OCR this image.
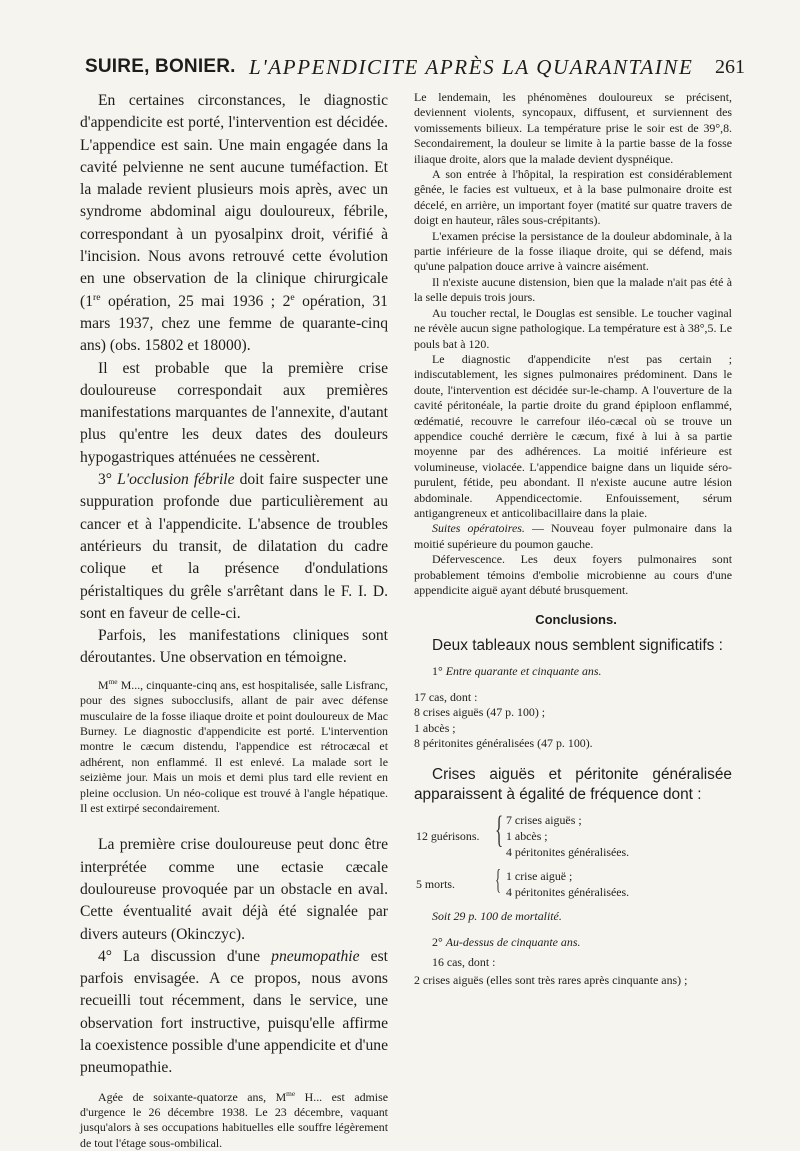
SUIRE, BONIER. L'APPENDICITE APRÈS LA QUARANTAINE 261

En certaines circonstances, le diagnostic d'appendicite est porté, l'intervention est décidée. L'appendice est sain. Une main engagée dans la cavité pelvienne ne sent aucune tuméfaction. Et la malade revient plusieurs mois après, avec un syndrome abdominal aigu douloureux, fébrile, correspondant à un pyosalpinx droit, vérifié à l'incision. Nous avons retrouvé cette évolution en une observation de la clinique chirurgicale (1re opération, 25 mai 1936 ; 2e opération, 31 mars 1937, chez une femme de quarante-cinq ans) (obs. 15802 et 18000).

Il est probable que la première crise douloureuse correspondait aux premières manifestations marquantes de l'annexite, d'autant plus qu'entre les deux dates des douleurs hypogastriques atténuées ne cessèrent.

3° L'occlusion fébrile doit faire suspecter une suppuration profonde due particulièrement au cancer et à l'appendicite. L'absence de troubles antérieurs du transit, de dilatation du cadre colique et la présence d'ondulations péristaltiques du grêle s'arrêtant dans le F. I. D. sont en faveur de celle-ci.

Parfois, les manifestations cliniques sont déroutantes. Une observation en témoigne.

$M^{me}$ M..., cinquante-cinq ans, est hospitalisée, salle Lisfranc, pour des signes subocclusifs, allant de pair avec défense musculaire de la fosse iliaque droite et point douloureux de Mac Burney. Le diagnostic d'appendicite est porté. L'intervention montre le cæcum distendu, l'appendice est rétrocæcal et adhérent, non enflammé. Il est enlevé. La malade sort le seizième jour. Mais un mois et demi plus tard elle revient en pleine occlusion. Un néo-colique est trouvé à l'angle hépatique. Il est extirpé secondairement.

La première crise douloureuse peut donc être interprétée comme une ectasie cæcale douloureuse provoquée par un obstacle en aval. Cette éventualité avait déjà été signalée par divers auteurs (Okinczyc).

4° La discussion d'une pneumopathie est parfois envisagée. A ce propos, nous avons recueilli tout récemment, dans le service, une observation fort instructive, puisqu'elle affirme la coexistence possible d'une appendicite et d'une pneumopathie.

Agée de soixante-quatorze ans, $M^{me}$ H... est admise d'urgence le 26 décembre 1938. Le 23 décembre, vaquant jusqu'alors à ses occupations habituelles elle souffre légèrement de tout l'étage sous-ombilical.

Le lendemain, les phénomènes douloureux se précisent, deviennent violents, syncopaux, diffusent, et surviennent des vomissements bilieux. La température prise le soir est de 39°,8. Secondairement, la douleur se limite à la partie basse de la fosse iliaque droite, alors que la malade devient dyspnéique.

A son entrée à l'hôpital, la respiration est considérablement gênée, le facies est vultueux, et à la base pulmonaire droite est décelé, en arrière, un important foyer (matité sur quatre travers de doigt en hauteur, râles sous-crépitants).

L'examen précise la persistance de la douleur abdominale, à la partie inférieure de la fosse iliaque droite, qui se défend, mais qu'une palpation douce arrive à vaincre aisément.

Il n'existe aucune distension, bien que la malade n'ait pas été à la selle depuis trois jours.

Au toucher rectal, le Douglas est sensible. Le toucher vaginal ne révèle aucun signe pathologique. La température est à 38°,5. Le pouls bat à 120.

Le diagnostic d'appendicite n'est pas certain ; indiscutablement, les signes pulmonaires prédominent. Dans le doute, l'intervention est décidée sur-le-champ. A l'ouverture de la cavité péritonéale, la partie droite du grand épiploon enflammé, œdématié, recouvre le carrefour iléo-cæcal où se trouve un appendice couché derrière le cæcum, fixé à lui à sa partie moyenne par des adhérences. La moitié inférieure est volumineuse, violacée. L'appendice baigne dans un liquide séro-purulent, fétide, peu abondant. Il n'existe aucune autre lésion abdominale. Appendicectomie. Enfouissement, sérum antigangreneux et anticolibacillaire dans la plaie.

Suites opératoires. — Nouveau foyer pulmonaire dans la moitié supérieure du poumon gauche.

Défervescence. Les deux foyers pulmonaires sont probablement témoins d'embolie microbienne au cours d'une appendicite aiguë ayant débuté brusquement.

Conclusions.

Deux tableaux nous semblent significatifs :

1° Entre quarante et cinquante ans.

17 cas, dont :

8 crises aiguës (47 p. 100) ;

1 abcès ;

8 péritonites généralisées (47 p. 100).

Crises aiguës et péritonite généralisée apparaissent à égalité de fréquence dont :

12 guérisons. { 7 crises aiguës ;
1 abcès ;
4 péritonites généralisées.
5 morts. { 1 crise aiguë ;
4 péritonites généralisées.

Soit 29 p. 100 de mortalité.

2° Au-dessus de cinquante ans.

16 cas, dont :

2 crises aiguës (elles sont très rares après cinquante ans) ;
